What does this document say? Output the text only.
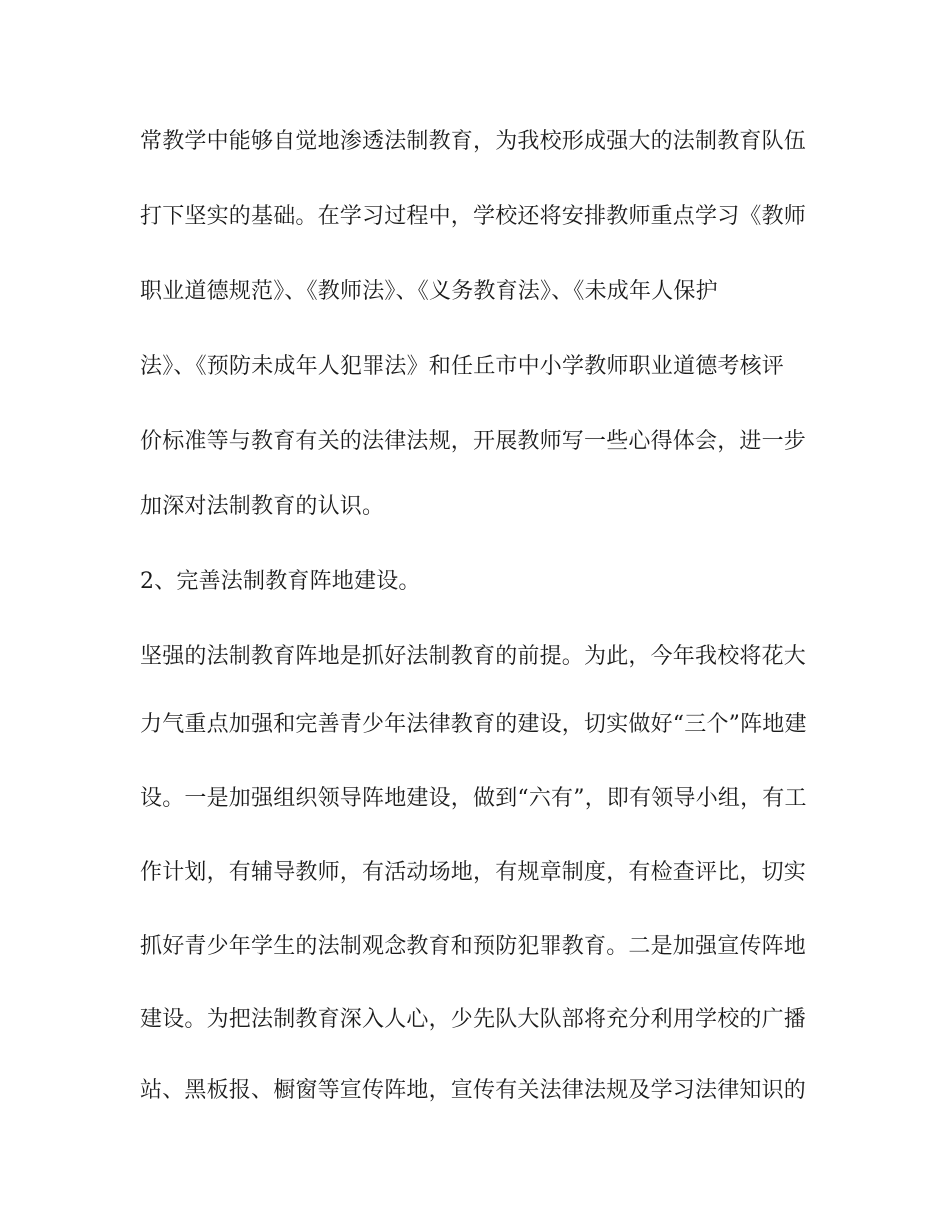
常教学中能够自觉地渗透法制教育，为我校形成强大的法制教育队伍
打下坚实的基础。在学习过程中，学校还将安排教师重点学习《教师
职业道德规范》、《教师法》、《义务教育法》、《未成年人保护
法》、《预防未成年人犯罪法》和任丘市中小学教师职业道德考核评
价标准等与教育有关的法律法规，开展教师写一些心得体会，进一步
加深对法制教育的认识。
2、完善法制教育阵地建设。
坚强的法制教育阵地是抓好法制教育的前提。为此，今年我校将花大
力气重点加强和完善青少年法律教育的建设，切实做好“三个”阵地建
设。一是加强组织领导阵地建设，做到“六有”，即有领导小组，有工
作计划，有辅导教师，有活动场地，有规章制度，有检查评比，切实
抓好青少年学生的法制观念教育和预防犯罪教育。二是加强宣传阵地
建设。为把法制教育深入人心，少先队大队部将充分利用学校的广播
站、黑板报、橱窗等宣传阵地，宣传有关法律法规及学习法律知识的
